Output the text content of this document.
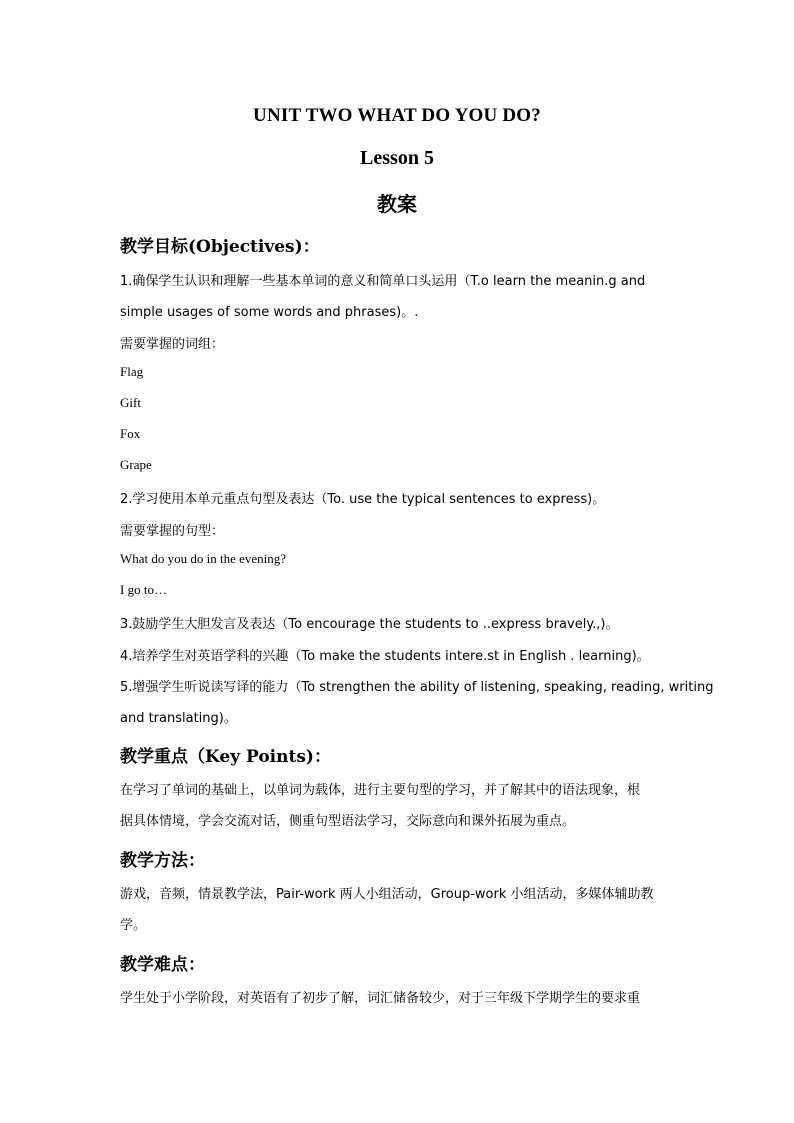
UNIT TWO WHAT DO YOU DO?
Lesson 5
教案
教学目标(Objectives)：
1.确保学生认识和理解一些基本单词的意义和简单口头运用（T.o learn the meanin.g and
simple usages of some words and phrases)。.
需要掌握的词组：
Flag
Gift
Fox
Grape
2.学习使用本单元重点句型及表达（To. use the typical sentences to express)。
需要掌握的句型：
What do you do in the evening?
I go to…
3.鼓励学生大胆发言及表达（To encourage the students to ..express bravely.,)。
4.培养学生对英语学科的兴趣（To make the students intere.st in English . learning)。
5.增强学生听说读写译的能力（To strengthen the ability of listening, speaking, reading, writing
and translating)。
教学重点（Key Points)：
在学习了单词的基础上，以单词为载体，进行主要句型的学习，并了解其中的语法现象，根
据具体情境，学会交流对话，侧重句型语法学习，交际意向和课外拓展为重点。
教学方法：
游戏，音频，情景教学法，Pair-work 两人小组活动，Group-work 小组活动，多媒体辅助教
学。
教学难点：
学生处于小学阶段，对英语有了初步了解，词汇储备较少，对于三年级下学期学生的要求重
